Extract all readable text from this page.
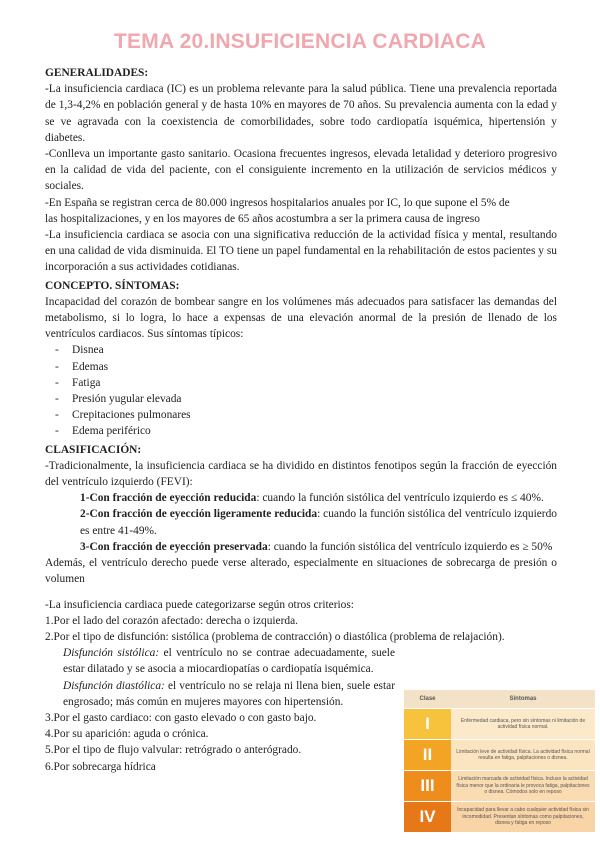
TEMA 20.INSUFICIENCIA CARDIACA
GENERALIDADES:
-La insuficiencia cardiaca (IC) es un problema relevante para la salud pública. Tiene una prevalencia reportada de 1,3-4,2% en población general y de hasta 10% en mayores de 70 años. Su prevalencia aumenta con la edad y se ve agravada con la coexistencia de comorbilidades, sobre todo cardiopatía isquémica, hipertensión y diabetes.
-Conlleva un importante gasto sanitario. Ocasiona frecuentes ingresos, elevada letalidad y deterioro progresivo en la calidad de vida del paciente, con el consiguiente incremento en la utilización de servicios médicos y sociales.
-En España se registran cerca de 80.000 ingresos hospitalarios anuales por IC, lo que supone el 5% de
las hospitalizaciones, y en los mayores de 65 años acostumbra a ser la primera causa de ingreso
-La insuficiencia cardiaca se asocia con una significativa reducción de la actividad física y mental, resultando en una calidad de vida disminuida. El TO tiene un papel fundamental en la rehabilitación de estos pacientes y su incorporación a sus actividades cotidianas.
CONCEPTO. SÍNTOMAS:
Incapacidad del corazón de bombear sangre en los volúmenes más adecuados para satisfacer las demandas del metabolismo, si lo logra, lo hace a expensas de una elevación anormal de la presión de llenado de los ventrículos cardiacos. Sus síntomas típicos:
- Disnea
- Edemas
- Fatiga
- Presión yugular elevada
- Crepitaciones pulmonares
- Edema periférico
CLASIFICACIÓN:
-Tradicionalmente, la insuficiencia cardiaca se ha dividido en distintos fenotipos según la fracción de eyección del ventrículo izquierdo (FEVI):
1-Con fracción de eyección reducida: cuando la función sistólica del ventrículo izquierdo es ≤ 40%.
2-Con fracción de eyección ligeramente reducida: cuando la función sistólica del ventrículo izquierdo es entre 41-49%.
3-Con fracción de eyección preservada: cuando la función sistólica del ventrículo izquierdo es ≥ 50%
Además, el ventrículo derecho puede verse alterado, especialmente en situaciones de sobrecarga de presión o volumen
-La insuficiencia cardiaca puede categorizarse según otros criterios:
1.Por el lado del corazón afectado: derecha o izquierda.
2.Por el tipo de disfunción: sistólica (problema de contracción) o diastólica (problema de relajación).
Disfunción sistólica: el ventrículo no se contrae adecuadamente, suele estar dilatado y se asocia a miocardiopatías o cardiopatía isquémica.
Disfunción diastólica: el ventrículo no se relaja ni llena bien, suele estar engrosado; más común en mujeres mayores con hipertensión.
3.Por el gasto cardiaco: con gasto elevado o con gasto bajo.
4.Por su aparición: aguda o crónica.
5.Por el tipo de flujo valvular: retrógrado o anterógrado.
6.Por sobrecarga hídrica
Clase	Síntomas
I	Enfermedad cardiaca, pero sin síntomas ni limitación de actividad física normal.
II	Limitación leve de actividad física. La actividad física normal resulta en fatiga, palpitaciones o disnea.
III	Limitación marcada de actividad física. Incluso la actividad física menor que la ordinaria le provoca fatiga, palpitaciones o disnea. Cómodos solo en reposo
IV	Incapacidad para llevar a cabo cualquier actividad física sin incomodidad. Presentan síntomas como palpitaciones, disnea y fatiga en reposo
